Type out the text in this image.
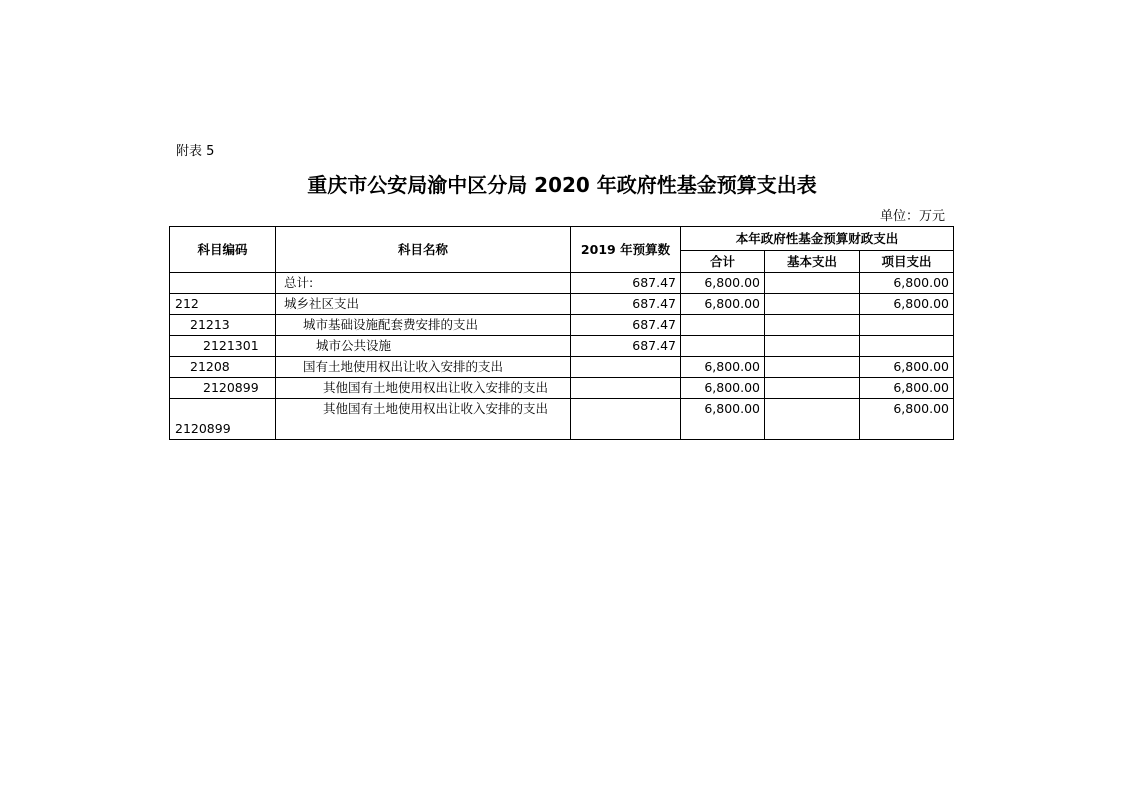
附表 5
重庆市公安局渝中区分局 2020 年政府性基金预算支出表
单位：万元
科目编码	科目名称	2019 年预算数	本年政府性基金预算财政支出		
			合计	基本支出	项目支出
	总计:	687.47	6,800.00		6,800.00
212	城乡社区支出	687.47	6,800.00		6,800.00
21213	城市基础设施配套费安排的支出	687.47			
2121301	城市公共设施	687.47			
21208	国有土地使用权出让收入安排的支出		6,800.00		6,800.00
2120899	其他国有土地使用权出让收入安排的支出		6,800.00		6,800.00
2120899	其他国有土地使用权出让收入安排的支出		6,800.00		6,800.00
